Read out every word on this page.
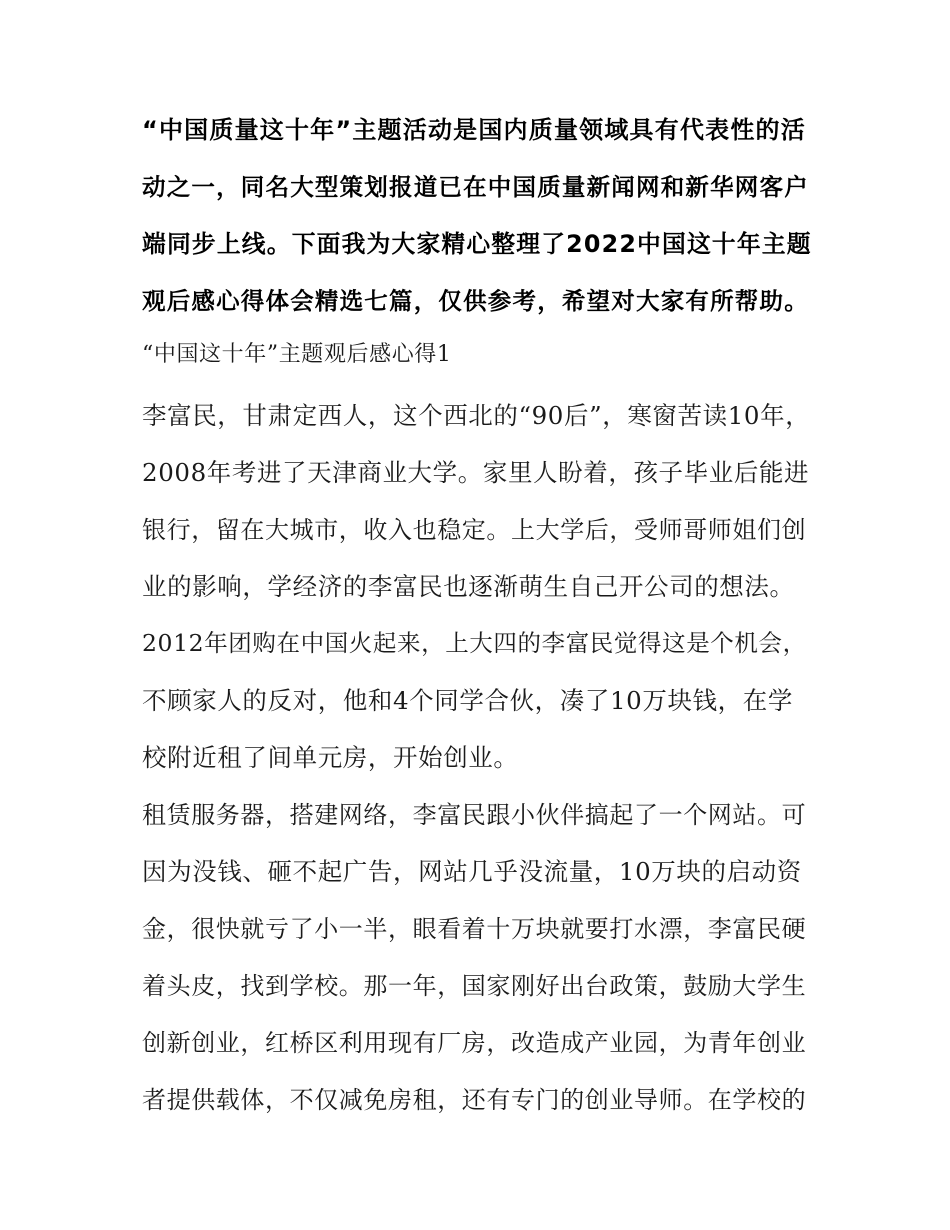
“中国质量这十年”主题活动是国内质量领域具有代表性的活
动之一，同名大型策划报道已在中国质量新闻网和新华网客户
端同步上线。下面我为大家精心整理了2022中国这十年主题
观后感心得体会精选七篇，仅供参考，希望对大家有所帮助。
“中国这十年”主题观后感心得1
李富民，甘肃定西人，这个西北的“90后”，寒窗苦读10年，
2008年考进了天津商业大学。家里人盼着，孩子毕业后能进
银行，留在大城市，收入也稳定。上大学后，受师哥师姐们创
业的影响，学经济的李富民也逐渐萌生自己开公司的想法。
2012年团购在中国火起来，上大四的李富民觉得这是个机会，
不顾家人的反对，他和4个同学合伙，凑了10万块钱，在学
校附近租了间单元房，开始创业。
租赁服务器，搭建网络，李富民跟小伙伴搞起了一个网站。可
因为没钱、砸不起广告，网站几乎没流量，10万块的启动资
金，很快就亏了小一半，眼看着十万块就要打水漂，李富民硬
着头皮，找到学校。那一年，国家刚好出台政策，鼓励大学生
创新创业，红桥区利用现有厂房，改造成产业园，为青年创业
者提供载体，不仅减免房租，还有专门的创业导师。在学校的
